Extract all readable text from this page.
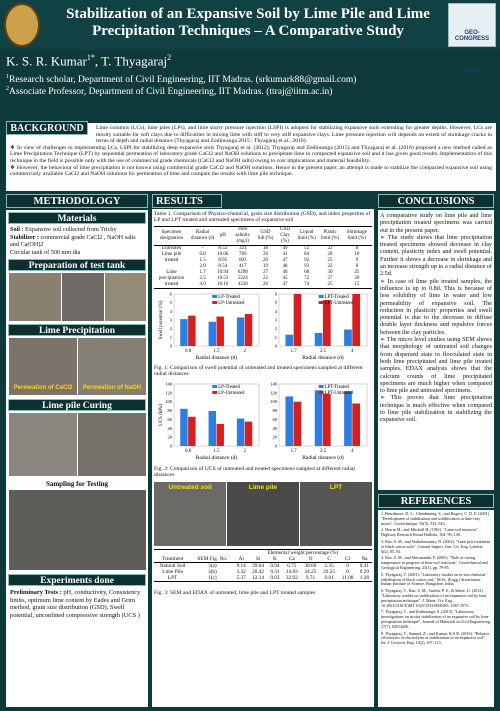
Stabilization of an Expansive Soil by Lime Pile and Lime
Precipitation Techniques – A Comparative Study	GEO-CONGRESS
2020
K. S. R. Kumar$^{1*}$, T. Thyagaraj$^2$
$^1$Research scholar, Department of Civil Engineering, IIT Madras. (srkumark88@gmail.com)
$^2$Associate Professor, Department of Civil Engineering, IIT Madras. (ttraj@iitm.ac.in)

Lime columns (LCs), lime piles (LPs), and lime slurry pressure injection (LSPI) is adopted for stabilizing expansive soils extending for greater depths. However, LCs are mostly suitable for soft clays due to difficulties in mixing lime with stiff to very stiff expansive clays. Lime pressure injection will depends on extent of shrinkage cracks in terms of depth and radial distance (Thyagaraj and Zodinsanga 2015 ; Thyagaraj et al., 2016).

❖ In view of challenges in implementing LCs, LSPI for stabilizing deep expansive soils Thyagaraj et al. (2012), Thyagaraj and Zodinsanga (2015) and Thyagaraj et al. (2016) proposed a new method called as Lime Precipitation Technique (LPT) by sequential permeation of laboratory grade CaCl2 and NaOH solutions to precipitate lime in compacted expansive soil and it has given good results. Implementation of this technique in the field is possible only with the use of commercial grade chemicals (CaCl2 and NaOH salts) owing to cost implications and material feasibility.

❖ However, the behaviour of lime precipitation is not known using commercial grade CaCl2 and NaOH solutions. Hence in the present paper, an attempt is made to stabilize the compacted expansive soil using commercially available CaCl2 and NaOH solutions for permeation of lime and compare the results with lime pile technique.

BACKGROUND
METHODOLOGY
Materials
Soil : Expansive soil collected from Trichy
Stabilizer : commercial grade CaCl2 , NaOH salts and Ca(OH)2
Circular tank of 500 mm dia
Preparation of test tank
Lime Precipitation
Permeation of CaCl2	Permeation of NaOH
Lime pile Curing
Sampling for Testing
Experiments done
Preliminary Tests : pH, conductivity, Consistency limits, optimum lime content by Eades and Grim method, grain size distribution (GSD), Swell potential, unconfined compressive strength (UCS )
RESULTS
Table 1. Comparison of Physico-chemical, grain size distribution (GSD), and index properties of LP and LPT treated and untreated specimens of expansive soil
Specimen designation	Radial distance (d)	pH	Pore salinity (mg/l)	GSD Silt (%)	GSD Clay (%)	Liquid limit (%)	Plastic limit (%)	Shrinkage limit (%)
Untreated	-	8.52	321	18	49	52	22	8
Lime pile	0.8	10.06	769	26	41	84	28	10
treated	1.5	8.95	603	20	47	92	25	9
	2.0	8.54	417	19	48	93	22	8
Lime	1.7	10.94	6298	27	40	68	30	25
precipitation	2.5	10.53	5324	22	45	72	27	20
treated	4.0	10.16	4220	20	47	74	25	15
0
1
2
3
4
5
6
Swell potential (%)
0.8	1.5	2
Radial distance (d)
LP-Treated
LP-Untreated
0
1
2
3
4
5
6
1.7	2.5	4
Radial distance (d)
LPT-Treated
LPT-Untreated
Fig. 1: Comparison of swell potential of untreated and treated specimens sampled at different radial distances
0
20
40
60
80
100
120
140
UCS (kPa)
0.8	1.5	2
Radial distance (d)
LP-Treated
LP-Untreated
0
20
40
60
80
100
120
140
1.7	2.5	4
Radial distance (d)
LPT-Treated
LPT-Untreated
Fig. 2: Comparison of UCS of untreated and treated specimens sampled at different radial distances
Untreated soil	Lime pile	LPT
		Elemental weight percentage (%)							
Treatment	SEM Fig. No.	Al	Si	K	Ca	O	C	Cl	Na
Natural Soil	3(a)	9.14	39.64	0.94	0.75	38.60	2.35	0	0.41
Lime Pile	3(b)	3.32	20.42	0.31	14.83	34.25	20.25	0	0.29
LPT	1(c)	5.37	12.14	0.03	32.92	9.71	0.01	11.08	1.28
Fig. 3: SEM and EDAX of untreated, lime pile and LPT treated samples
CONCLUSIONS
A comparative study on lime pile and lime precipitation treated specimens was carried out in the present paper.
➢ The study shows that lime precipitation treated specimens showed decrease in clay content, plasticity index and swell potential. Further it shows a decrease in shrinkage and an increase strength up to a radial distance of 2.5d.
➢ In case of lime pile treated samples, the influence is up to 0.8d. This is because of less solubility of lime in water and low permeability of expansive soil. The reduction in plasticity properties and swell potential is due to the decrease in diffuse double layer thickness and repulsive forces between the clay particles.
➢ The micro level studies using SEM shows that morphology of untreated soil changes from dispersed state to flocculated state in both lime precipitated and lime pile treated samples. EDAX analysis shows that the calcium counts of lime precipitated specimens are much higher when compared to lime pile and untreated specimens.
➢ This proves that lime precipitation technique is much effective when compared to lime pile stabilization in stabilizing the expansive soil.
REFERENCES

1. Beardmore, D. L., Glendinning, S., and Rogers, C. D. F. (2001). "Development of stabilisation and solidification in lime-clay mixes", Geotechnique, 50(5), 533–543.

2. Herrin M., and Mitchell H. (1961). "Lime-soil mixtures", Highway Research Board Bulletin, 304, 99–138.

3. Rao, S. M., and Venkataswamy, B. (2002). "Lime pile treatment of black cotton soils", Ground Improv. Inst. Civ. Eng. London, 6(2), 85–93.

4. Rao, S. M., and Shivananda, P. (2005). "Role of curing temperature in progress of lime-soil reactions", Geotechnical and Geological Engineering, 23(1), pp. 79-85.

5. Thyagaraj, T. (2001). "Laboratory studies on in-situ chemical stabilisation of black cotton soil," M.Sc. (Engg.) dissertation, Indian Institute of Science, Bangalore, India.

6. Thyagaraj, T., Rao, S. M., Suresh, P. S., & Salini, U. (2012). "Laboratory studies on stabilization of an expansive soil by lime precipitation technique", J. Mater. Civ. Eng., 10.1061/(ASCE)MT.1943-5533.0000483, 1067-1075.

7. Thyagaraj, T., and Zodinsanga, S. (2015). "Laboratory investigations on in-situ stabilization of an expansive soil by lime precipitation technique", Journal of Materials in Civil Engineering, 27(7), 04014206.

8. Thyagaraj, T., Samuel, Z., and Kumar, K.S.R. (2016). "Relative efficiencies of electrolytes in stabilization of an expansive soil", Int. J. Geotech. Eng. 10(2), 107–113.
